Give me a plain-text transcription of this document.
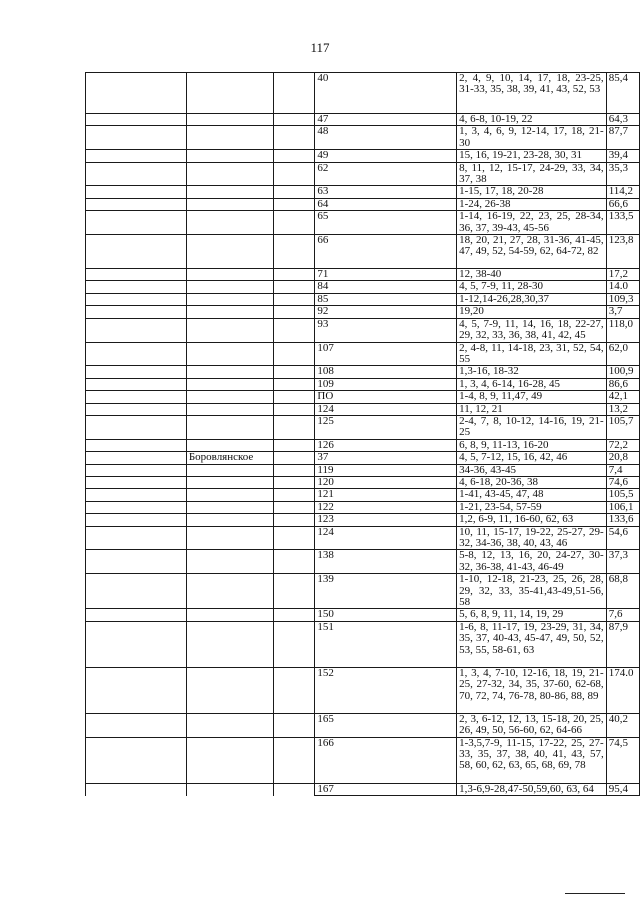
117
			40	2, 4, 9, 10, 14, 17, 18, 23-25, 31-33, 35, 38, 39, 41, 43, 52, 53	85,4
			47	4, 6-8, 10-19, 22	64,3
			48	1, 3, 4, 6, 9, 12-14, 17, 18, 21-30	87,7
			49	15, 16, 19-21, 23-28, 30, 31	39,4
			62	8, 11, 12, 15-17, 24-29, 33, 34, 37, 38	35,3
			63	1-15, 17, 18, 20-28	114,2
			64	1-24, 26-38	66,6
			65	1-14, 16-19, 22, 23, 25, 28-34, 36, 37, 39-43, 45-56	133,5
			66	18, 20, 21, 27, 28, 31-36, 41-45, 47, 49, 52, 54-59, 62, 64-72, 82	123,8
			71	12, 38-40	17,2
			84	4, 5, 7-9, 11, 28-30	14.0
			85	1-12,14-26,28,30,37	109,3
			92	19,20	3,7
			93	4, 5, 7-9, 11, 14, 16, 18, 22-27, 29, 32, 33, 36, 38, 41, 42, 45	118,0
			107	2, 4-8, 11, 14-18, 23, 31, 52, 54, 55	62,0
			108	1,3-16, 18-32	100,9
			109	1, 3, 4, 6-14, 16-28, 45	86,6
			ПО	1-4, 8, 9, 11,47, 49	42,1
			124	11, 12, 21	13,2
			125	2-4, 7, 8, 10-12, 14-16, 19, 21-25	105,7
			126	6, 8, 9, 11-13, 16-20	72,2
	Боровлянское		37	4, 5, 7-12, 15, 16, 42, 46	20,8
			119	34-36, 43-45	7,4
			120	4, 6-18, 20-36, 38	74,6
			121	1-41, 43-45, 47, 48	105,5
			122	1-21, 23-54, 57-59	106,1
			123	1,2, 6-9, 11, 16-60, 62, 63	133,6
			124	10, 11, 15-17, 19-22, 25-27, 29-32, 34-36, 38, 40, 43, 46	54,6
			138	5-8, 12, 13, 16, 20, 24-27, 30-32, 36-38, 41-43, 46-49	37,3
			139	1-10, 12-18, 21-23, 25, 26, 28, 29, 32, 33, 35-41,43-49,51-56, 58	68,8
			150	5, 6, 8, 9, 11, 14, 19, 29	7,6
			151	1-6, 8, 11-17, 19, 23-29, 31, 34, 35, 37, 40-43, 45-47, 49, 50, 52, 53, 55, 58-61, 63	87,9
			152	1, 3, 4, 7-10, 12-16, 18, 19, 21-25, 27-32, 34, 35, 37-60, 62-68, 70, 72, 74, 76-78, 80-86, 88, 89	174.0
			165	2, 3, 6-12, 12, 13, 15-18, 20, 25, 26, 49, 50, 56-60, 62, 64-66	40,2
			166	1-3,5,7-9, 11-15, 17-22, 25, 27-33, 35, 37, 38, 40, 41, 43, 57, 58, 60, 62, 63, 65, 68, 69, 78	74,5
			167	1,3-6,9-28,47-50,59,60, 63, 64	95,4
